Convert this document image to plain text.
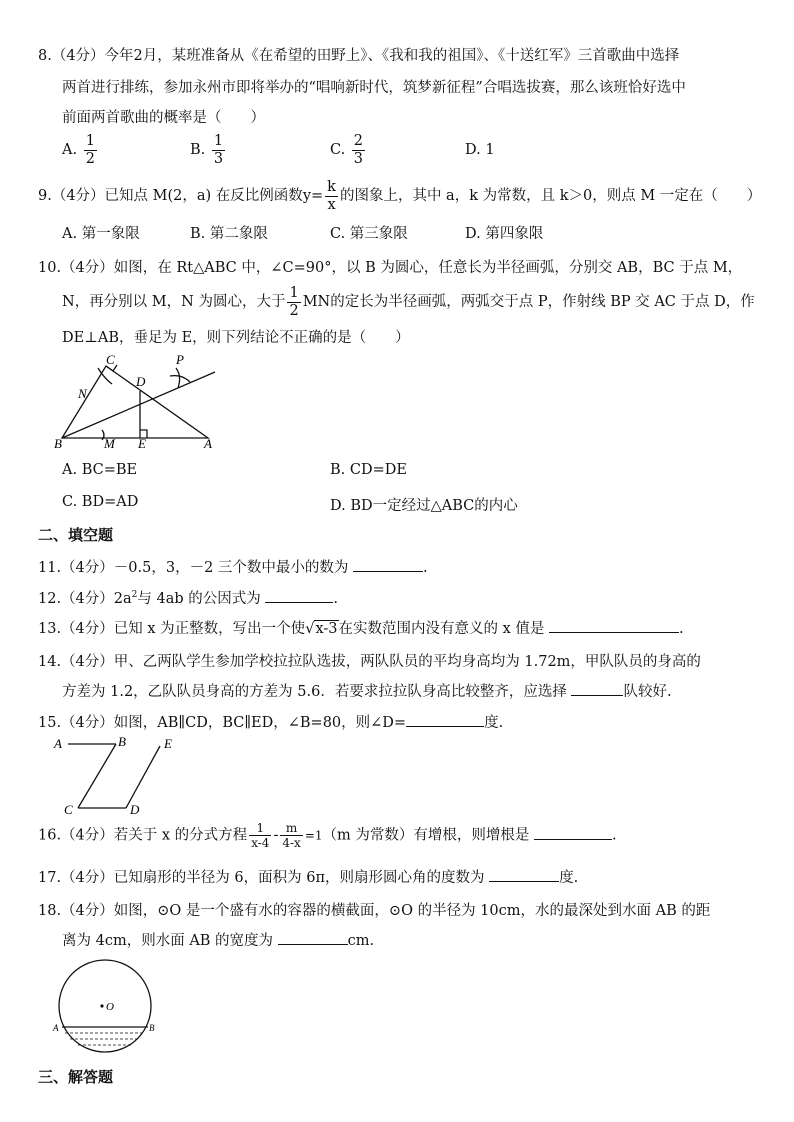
8.（4分）今年2月，某班准备从《在希望的田野上》、《我和我的祖国》、《十送红军》三首歌曲中选择
两首进行排练，参加永州市即将举办的“唱响新时代，筑梦新征程”合唱选拔赛，那么该班恰好选中
前面两首歌曲的概率是（　　）
A. $\frac{1}{2}$	B. $\frac{1}{3}$	C. $\frac{2}{3}$	D. 1
9.（4分）已知点 M(2，a) 在反比例函数$y= \frac{k}{x}$ 的图象上，其中 a，k 为常数，且 k＞0，则点 M 一定在（　　）
A. 第一象限	B. 第二象限	C. 第三象限	D. 第四象限
10.（4分）如图，在 Rt△ABC 中，∠C=90°，以 B 为圆心，任意长为半径画弧，分别交 AB，BC 于点 M，
N，再分别以 M，N 为圆心，大于 $\frac{1}{2}$ MN的定长为半径画弧，两弧交于点 P，作射线 BP 交 AC 于点 D，作
DE⊥AB，垂足为 E，则下列结论不正确的是（　　）
C	P
N
D
B	M E	A
A. BC=BE	B. CD=DE
C. BD=AD	D. BD一定经过△ABC的内心
二、填空题
11.（4分）－0.5，3，－2 三个数中最小的数为	.
12.（4分）$2a^2$与 4ab 的公因式为	.
13.（4分）已知 x 为正整数，写出一个使√x-3在实数范围内没有意义的 x 值是	.
14.（4分）甲、乙两队学生参加学校拉拉队选拔，两队队员的平均身高均为 1.72m，甲队队员的身高的
方差为 1.2，乙队队员身高的方差为 5.6．若要求拉拉队身高比较整齐，应选择	队较好.
15.（4分）如图，AB∥CD，BC∥ED，∠B=80，则∠D=	度.
A	B	E
C	D
16.（4分）若关于 x 的分式方程 $\frac{1}{x-4} - \frac{m}{4-x} =1(m$ 为常数）有增根，则增根是	.
17.（4分）已知扇形的半径为 6，面积为 6π，则扇形圆心角的度数为	度.
18.（4分）如图，⊙O 是一个盛有水的容器的横截面，⊙O 的半径为 10cm，水的最深处到水面 AB 的距
离为 4cm，则水面 AB 的宽度为	cm.
O
A	B
三、解答题
